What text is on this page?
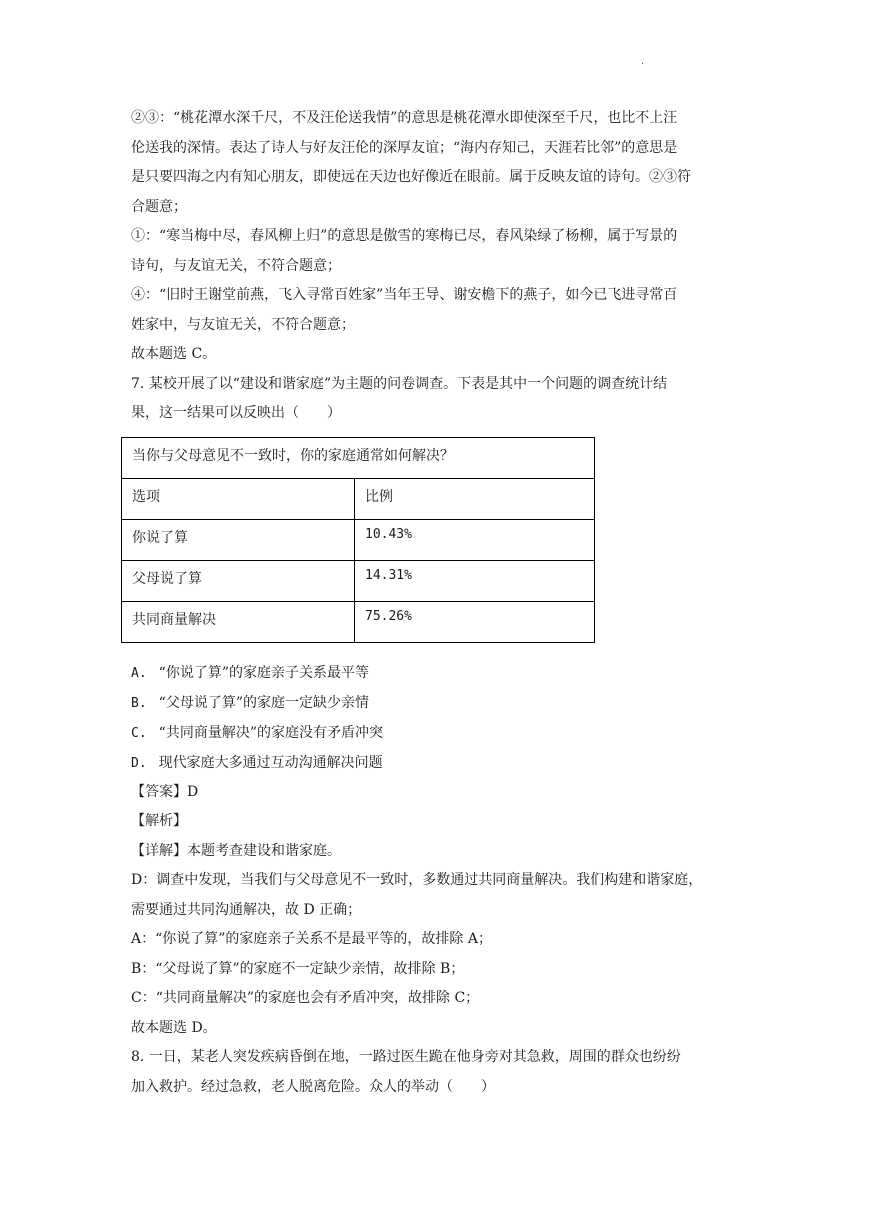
.
②③：“桃花潭水深千尺，不及汪伦送我情”的意思是桃花潭水即使深至千尺，也比不上汪
伦送我的深情。表达了诗人与好友汪伦的深厚友谊；“海内存知己，天涯若比邻”的意思是
是只要四海之内有知心朋友，即使远在天边也好像近在眼前。属于反映友谊的诗句。②③符
合题意；
①：“寒当梅中尽，春风柳上归”的意思是傲雪的寒梅已尽，春风染绿了杨柳，属于写景的
诗句，与友谊无关，不符合题意；
④：“旧时王谢堂前燕，飞入寻常百姓家”当年王导、谢安檐下的燕子，如今已飞进寻常百
姓家中，与友谊无关，不符合题意；
故本题选 C。
7. 某校开展了以“建设和谐家庭”为主题的问卷调查。下表是其中一个问题的调查统计结
果，这一结果可以反映出（　　）
当你与父母意见不一致时，你的家庭通常如何解决？	

选项	比例

你说了算	10.43%

父母说了算	14.31%

共同商量解决	75.26%
A. “你说了算”的家庭亲子关系最平等
B. “父母说了算”的家庭一定缺少亲情
C. “共同商量解决”的家庭没有矛盾冲突
D. 现代家庭大多通过互动沟通解决问题
【答案】D
【解析】
【详解】本题考查建设和谐家庭。
D：调查中发现，当我们与父母意见不一致时，多数通过共同商量解决。我们构建和谐家庭，
需要通过共同沟通解决，故 D 正确；
A：“你说了算”的家庭亲子关系不是最平等的，故排除 A；
B：“父母说了算”的家庭不一定缺少亲情，故排除 B；
C：“共同商量解决”的家庭也会有矛盾冲突，故排除 C；
故本题选 D。
8. 一日，某老人突发疾病昏倒在地，一路过医生跪在他身旁对其急救，周围的群众也纷纷
加入救护。经过急救，老人脱离危险。众人的举动（　　）
